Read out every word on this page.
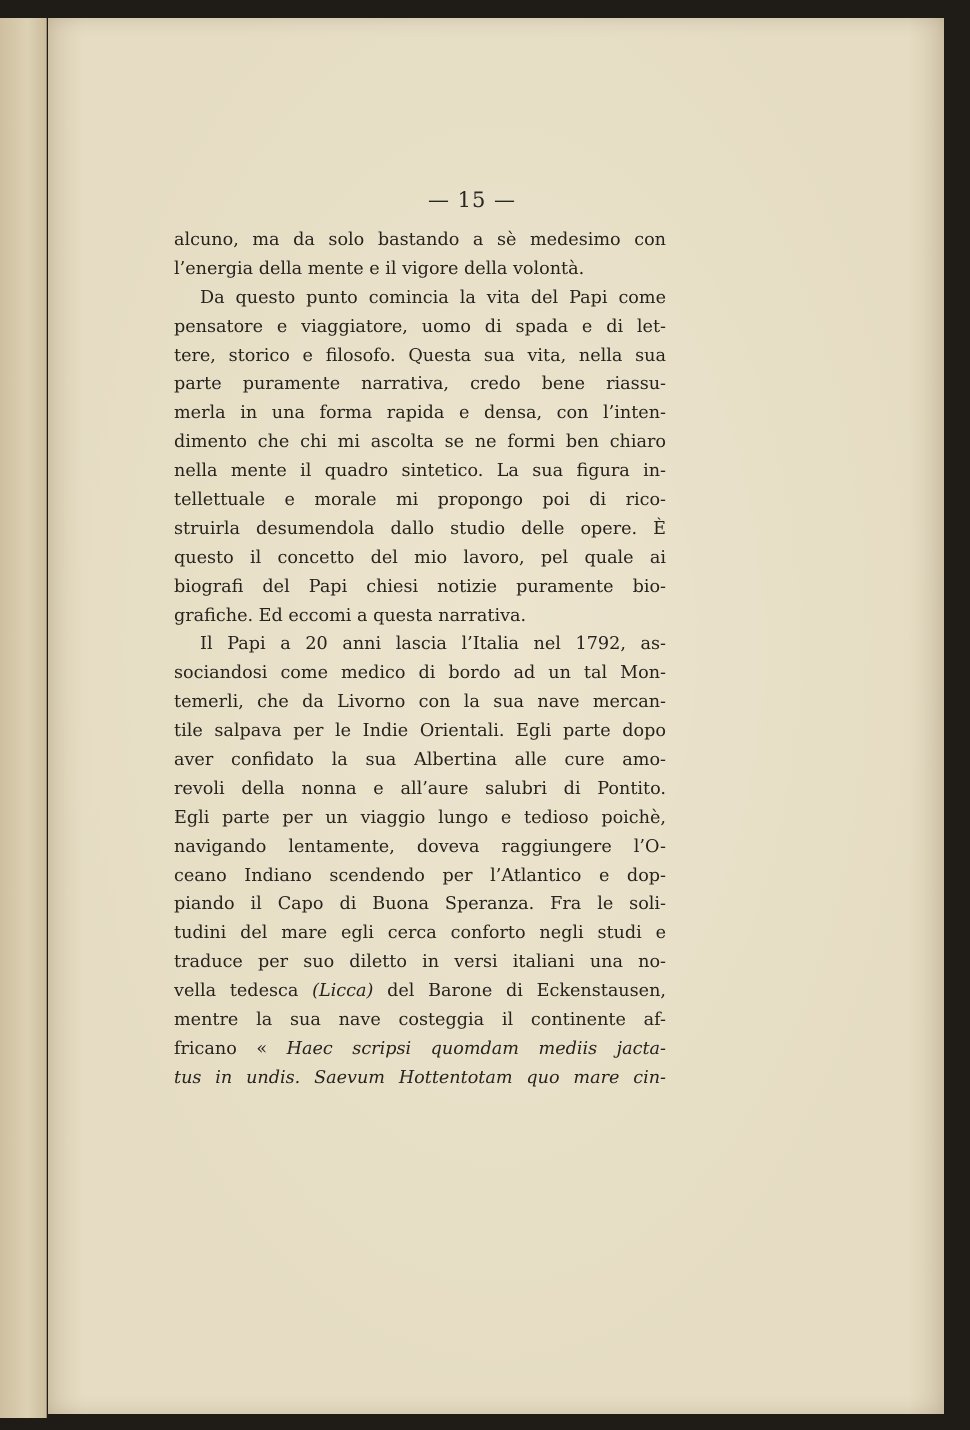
— 15 —
alcuno, ma da solo bastando a sè medesimo con
l’energia della mente e il vigore della volontà.
Da questo punto comincia la vita del Papi come
pensatore e viaggiatore, uomo di spada e di let-
tere, storico e filosofo. Questa sua vita, nella sua
parte puramente narrativa, credo bene riassu-
merla in una forma rapida e densa, con l’inten-
dimento che chi mi ascolta se ne formi ben chiaro
nella mente il quadro sintetico. La sua figura in-
tellettuale e morale mi propongo poi di rico-
struirla desumendola dallo studio delle opere. È
questo il concetto del mio lavoro, pel quale ai
biografi del Papi chiesi notizie puramente bio-
grafiche. Ed eccomi a questa narrativa.
Il Papi a 20 anni lascia l’Italia nel 1792, as-
sociandosi come medico di bordo ad un tal Mon-
temerli, che da Livorno con la sua nave mercan-
tile salpava per le Indie Orientali. Egli parte dopo
aver confidato la sua Albertina alle cure amo-
revoli della nonna e all’aure salubri di Pontito.
Egli parte per un viaggio lungo e tedioso poichè,
navigando lentamente, doveva raggiungere l’O-
ceano Indiano scendendo per l’Atlantico e dop-
piando il Capo di Buona Speranza. Fra le soli-
tudini del mare egli cerca conforto negli studi e
traduce per suo diletto in versi italiani una no-
vella tedesca (Licca) del Barone di Eckenstausen,
mentre la sua nave costeggia il continente af-
fricano « Haec scripsi quomdam mediis jacta-
tus in undis. Saevum Hottentotam quo mare cin-
